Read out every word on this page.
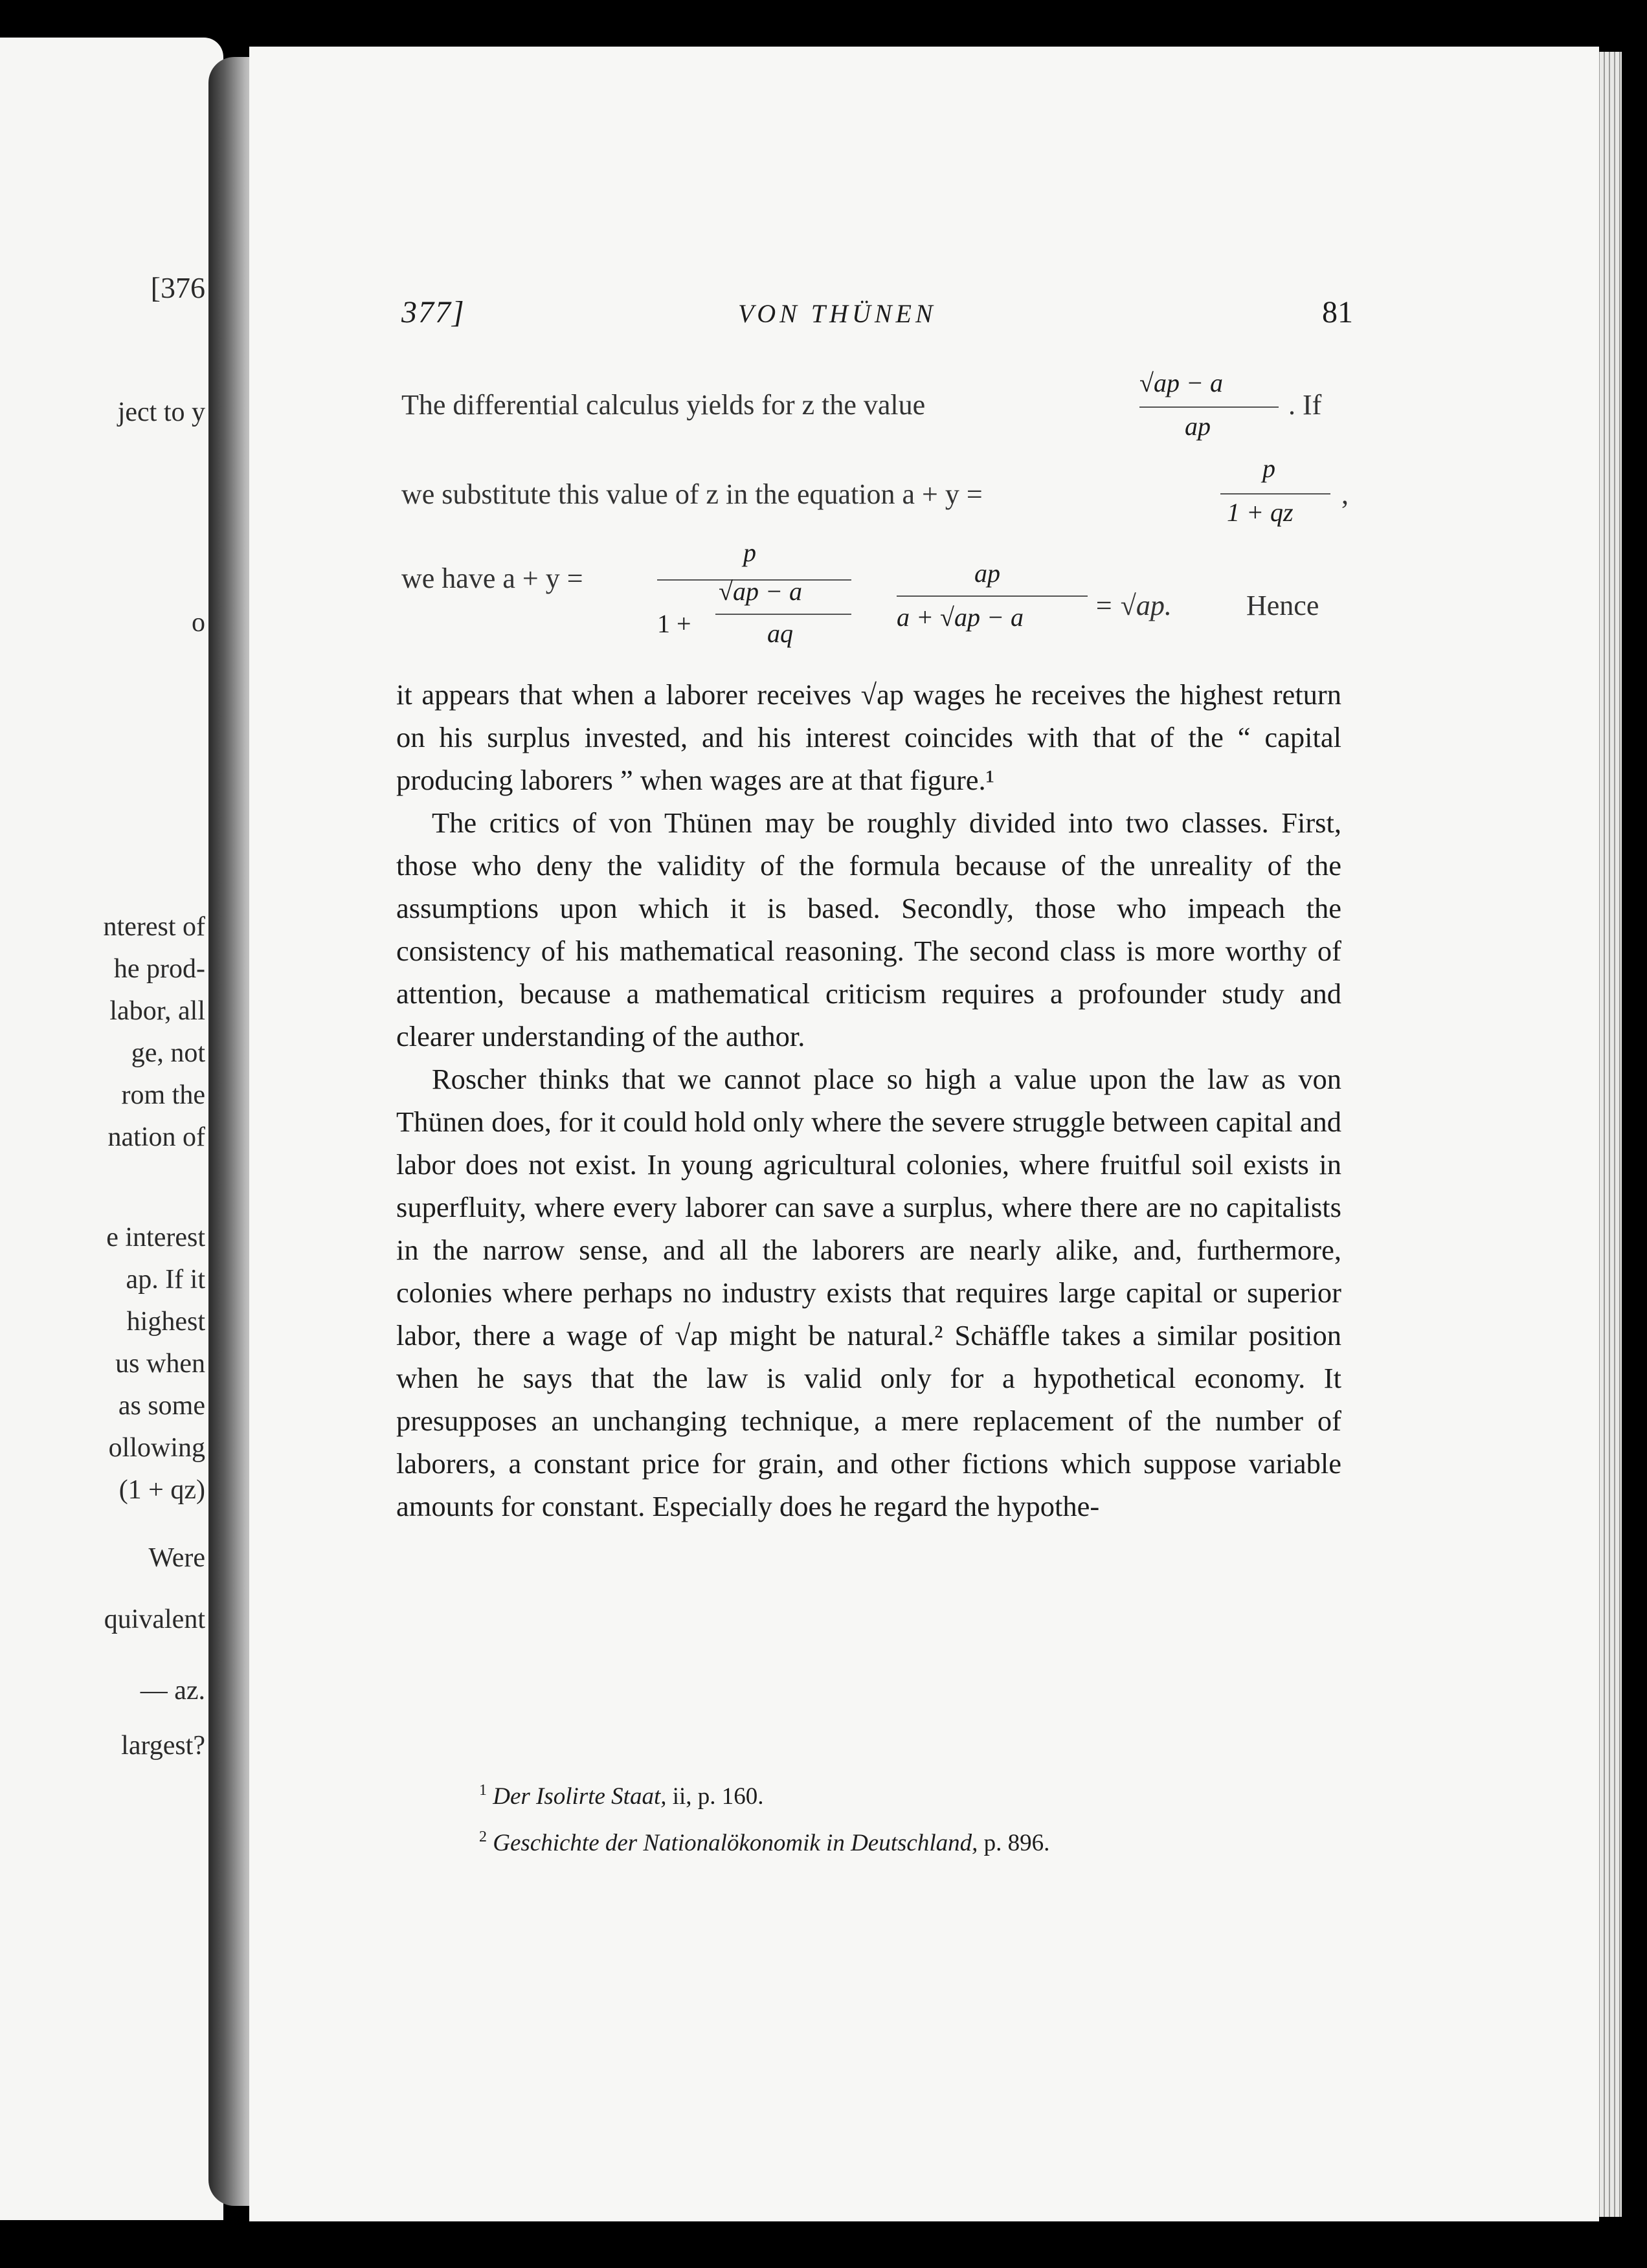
[376
ject to y
o
nterest of
he prod-
labor, all
ge, not
rom the
nation of
e interest
ap. If it
highest
us when
as some
ollowing
(1 + qz)
Were
quivalent
— az.
largest?
377]	VON THÜNEN	81
The differential calculus yields for z the value
√ap − a
ap
. If
we substitute this value of z in the equation a + y =
p
1 + qz
,
we have a + y =
p
1 +
√ap − a
aq
ap
a + √ap − a = √ap.	Hence

it appears that when a laborer receives √ap wages he receives the highest return on his surplus invested, and his interest coincides with that of the “ capital producing laborers ” when wages are at that figure.¹

The critics of von Thünen may be roughly divided into two classes. First, those who deny the validity of the formula because of the unreality of the assumptions upon which it is based. Secondly, those who impeach the consistency of his mathematical reasoning. The second class is more worthy of attention, because a mathematical criticism requires a profounder study and clearer understanding of the author.

Roscher thinks that we cannot place so high a value upon the law as von Thünen does, for it could hold only where the severe struggle between capital and labor does not exist. In young agricultural colonies, where fruitful soil exists in superfluity, where every laborer can save a surplus, where there are no capitalists in the narrow sense, and all the laborers are nearly alike, and, furthermore, colonies where perhaps no industry exists that requires large capital or superior labor, there a wage of √ap might be natural.² Schäffle takes a similar position when he says that the law is valid only for a hypothetical economy. It presupposes an unchanging technique, a mere replacement of the number of laborers, a constant price for grain, and other fictions which suppose variable amounts for constant. Especially does he regard the hypothe-

$^1$ Der Isolirte Staat, ii, p. 160.
$^2$ Geschichte der Nationalökonomik in Deutschland, p. 896.
